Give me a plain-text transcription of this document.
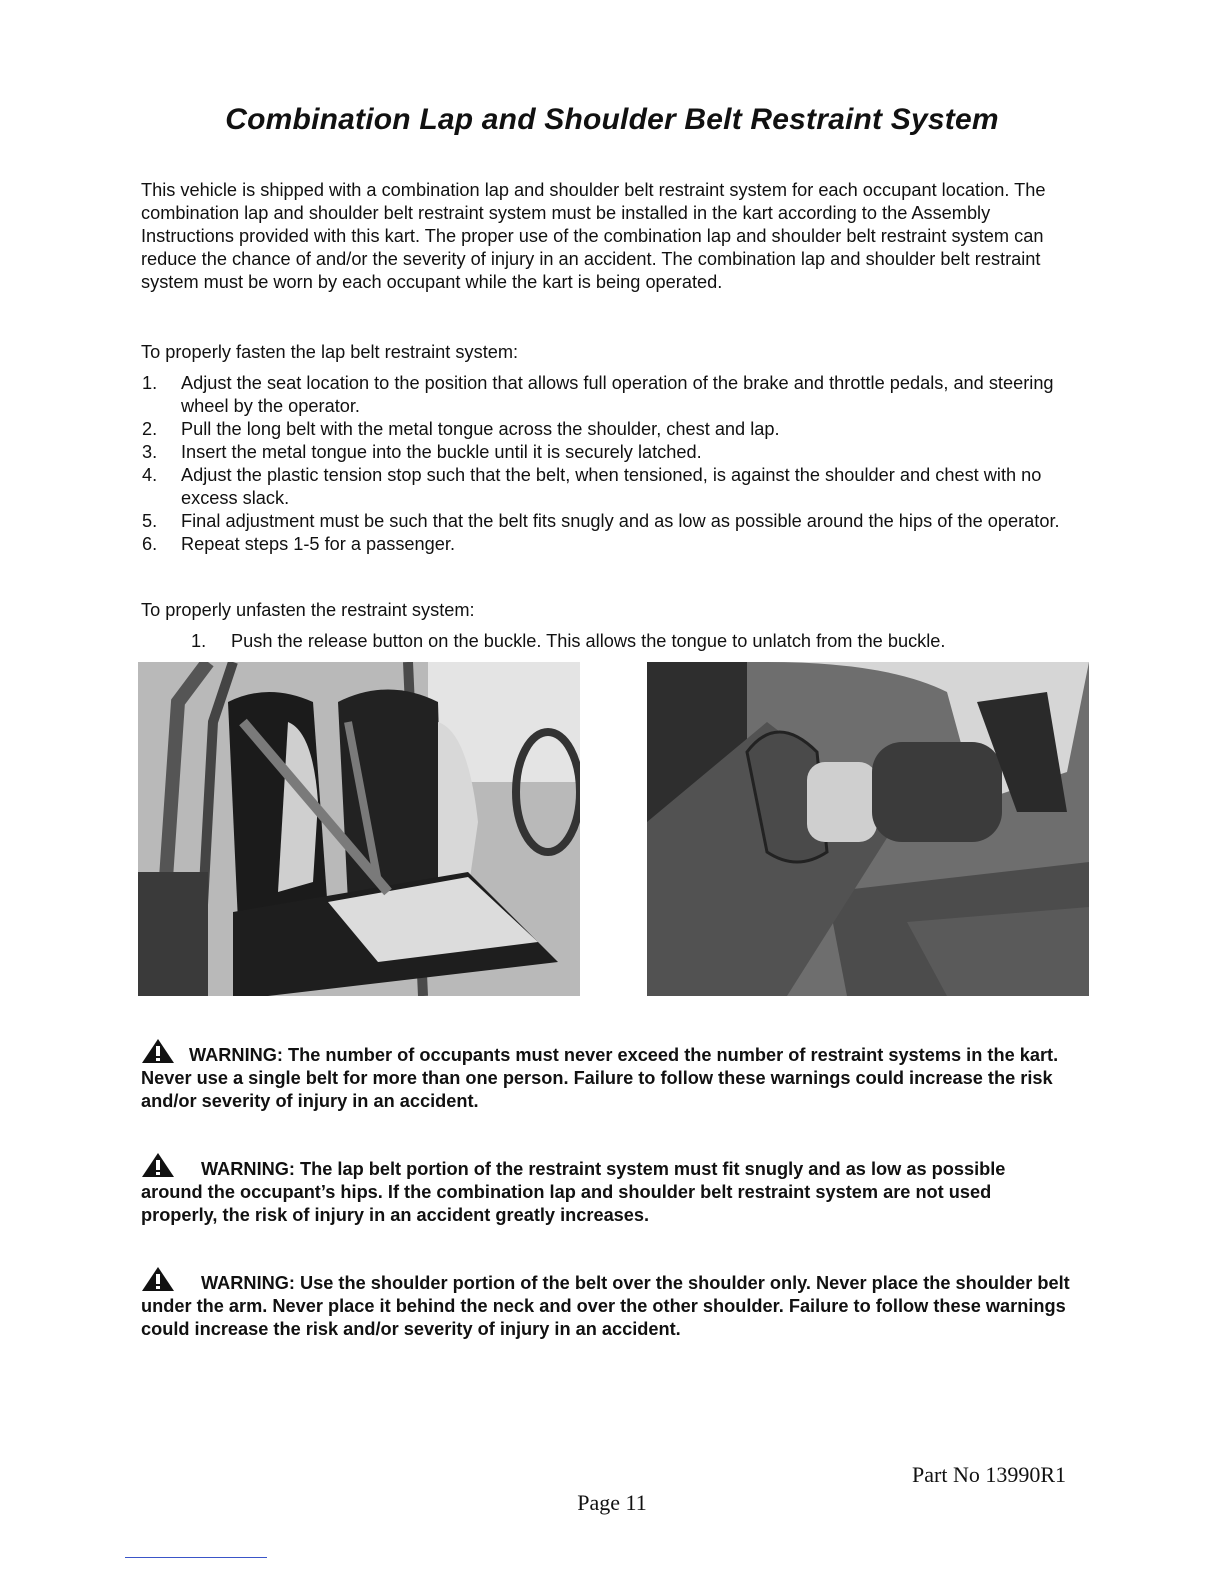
Combination Lap and Shoulder Belt Restraint System

This vehicle is shipped with a combination lap and shoulder belt restraint system for each occupant location. The combination lap and shoulder belt restraint system must be installed in the kart according to the Assembly Instructions provided with this kart. The proper use of the combination lap and shoulder belt restraint system can reduce the chance of and/or the severity of injury in an accident. The combination lap and shoulder belt restraint system must be worn by each occupant while the kart is being operated.

To properly fasten the lap belt restraint system:

1. Adjust the seat location to the position that allows full operation of the brake and throttle pedals, and steering wheel by the operator.
2. Pull the long belt with the metal tongue across the shoulder, chest and lap.
3. Insert the metal tongue into the buckle until it is securely latched.
4. Adjust the plastic tension stop such that the belt, when tensioned, is against the shoulder and chest with no excess slack.
5. Final adjustment must be such that the belt fits snugly and as low as possible around the hips of the operator.
6. Repeat steps 1-5 for a passenger.

To properly unfasten the restraint system:

1. Push the release button on the buckle. This allows the tongue to unlatch from the buckle.

WARNING: The number of occupants must never exceed the number of restraint systems in the kart. Never use a single belt for more than one person. Failure to follow these warnings could increase the risk and/or severity of injury in an accident.

WARNING: The lap belt portion of the restraint system must fit snugly and as low as possible around the occupant’s hips. If the combination lap and shoulder belt restraint system are not used properly, the risk of injury in an accident greatly increases.

WARNING: Use the shoulder portion of the belt over the shoulder only. Never place the shoulder belt under the arm. Never place it behind the neck and over the other shoulder. Failure to follow these warnings could increase the risk and/or severity of injury in an accident.

Part No 13990R1
Page 11
